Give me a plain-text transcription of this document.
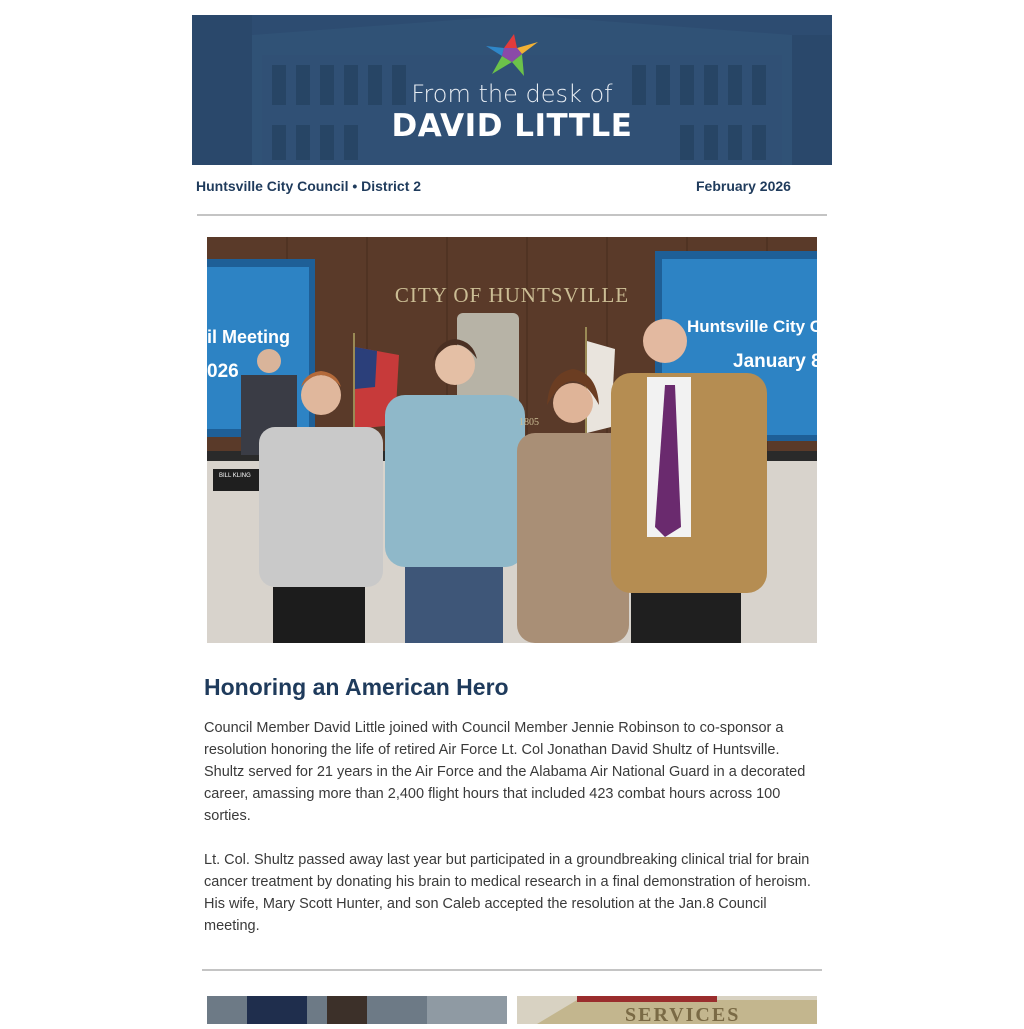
From the desk of
DAVID LITTLE
Huntsville City Council • District 2	February 2026
CITY OF HUNTSVILLE
il Meeting
026
Huntsville City Co
January 8
BILL KLING
1805
Honoring an American Hero
Council Member David Little joined with Council Member Jennie Robinson to co-sponsor a
resolution honoring the life of retired Air Force Lt. Col Jonathan David Shultz of Huntsville.
Shultz served for 21 years in the Air Force and the Alabama Air National Guard in a decorated
career, amassing more than 2,400 flight hours that included 423 combat hours across 100
sorties.
Lt. Col. Shultz passed away last year but participated in a groundbreaking clinical trial for brain
cancer treatment by donating his brain to medical research in a final demonstration of heroism.
His wife, Mary Scott Hunter, and son Caleb accepted the resolution at the Jan.8 Council
meeting.
SERVICES
